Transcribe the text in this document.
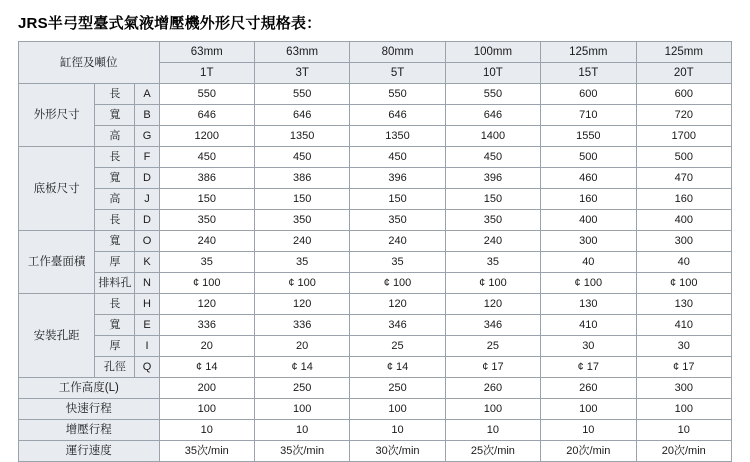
JRS半弓型臺式氣液增壓機外形尺寸規格表：
缸徑及噸位			63mm	63mm	80mm	100mm	125mm	125mm
			1T	3T	5T	10T	15T	20T
外形尺寸	長	A	550	550	550	550	600	600
	寬	B	646	646	646	646	710	720
	高	G	1200	1350	1350	1400	1550	1700
底板尺寸	長	F	450	450	450	450	500	500
	寬	D	386	386	396	396	460	470
	高	J	150	150	150	150	160	160
	長	D	350	350	350	350	400	400
工作臺面積	寬	O	240	240	240	240	300	300
	厚	K	35	35	35	35	40	40
	排料孔	N	¢ 100	¢ 100	¢ 100	¢ 100	¢ 100	¢ 100
安裝孔距	長	H	120	120	120	120	130	130
	寬	E	336	336	346	346	410	410
	厚	I	20	20	25	25	30	30
	孔徑	Q	¢ 14	¢ 14	¢ 14	¢ 17	¢ 17	¢ 17
工作高度(L)			200	250	250	260	260	300
快速行程			100	100	100	100	100	100
增壓行程			10	10	10	10	10	10
運行速度			35次/min	35次/min	30次/min	25次/min	20次/min	20次/min
